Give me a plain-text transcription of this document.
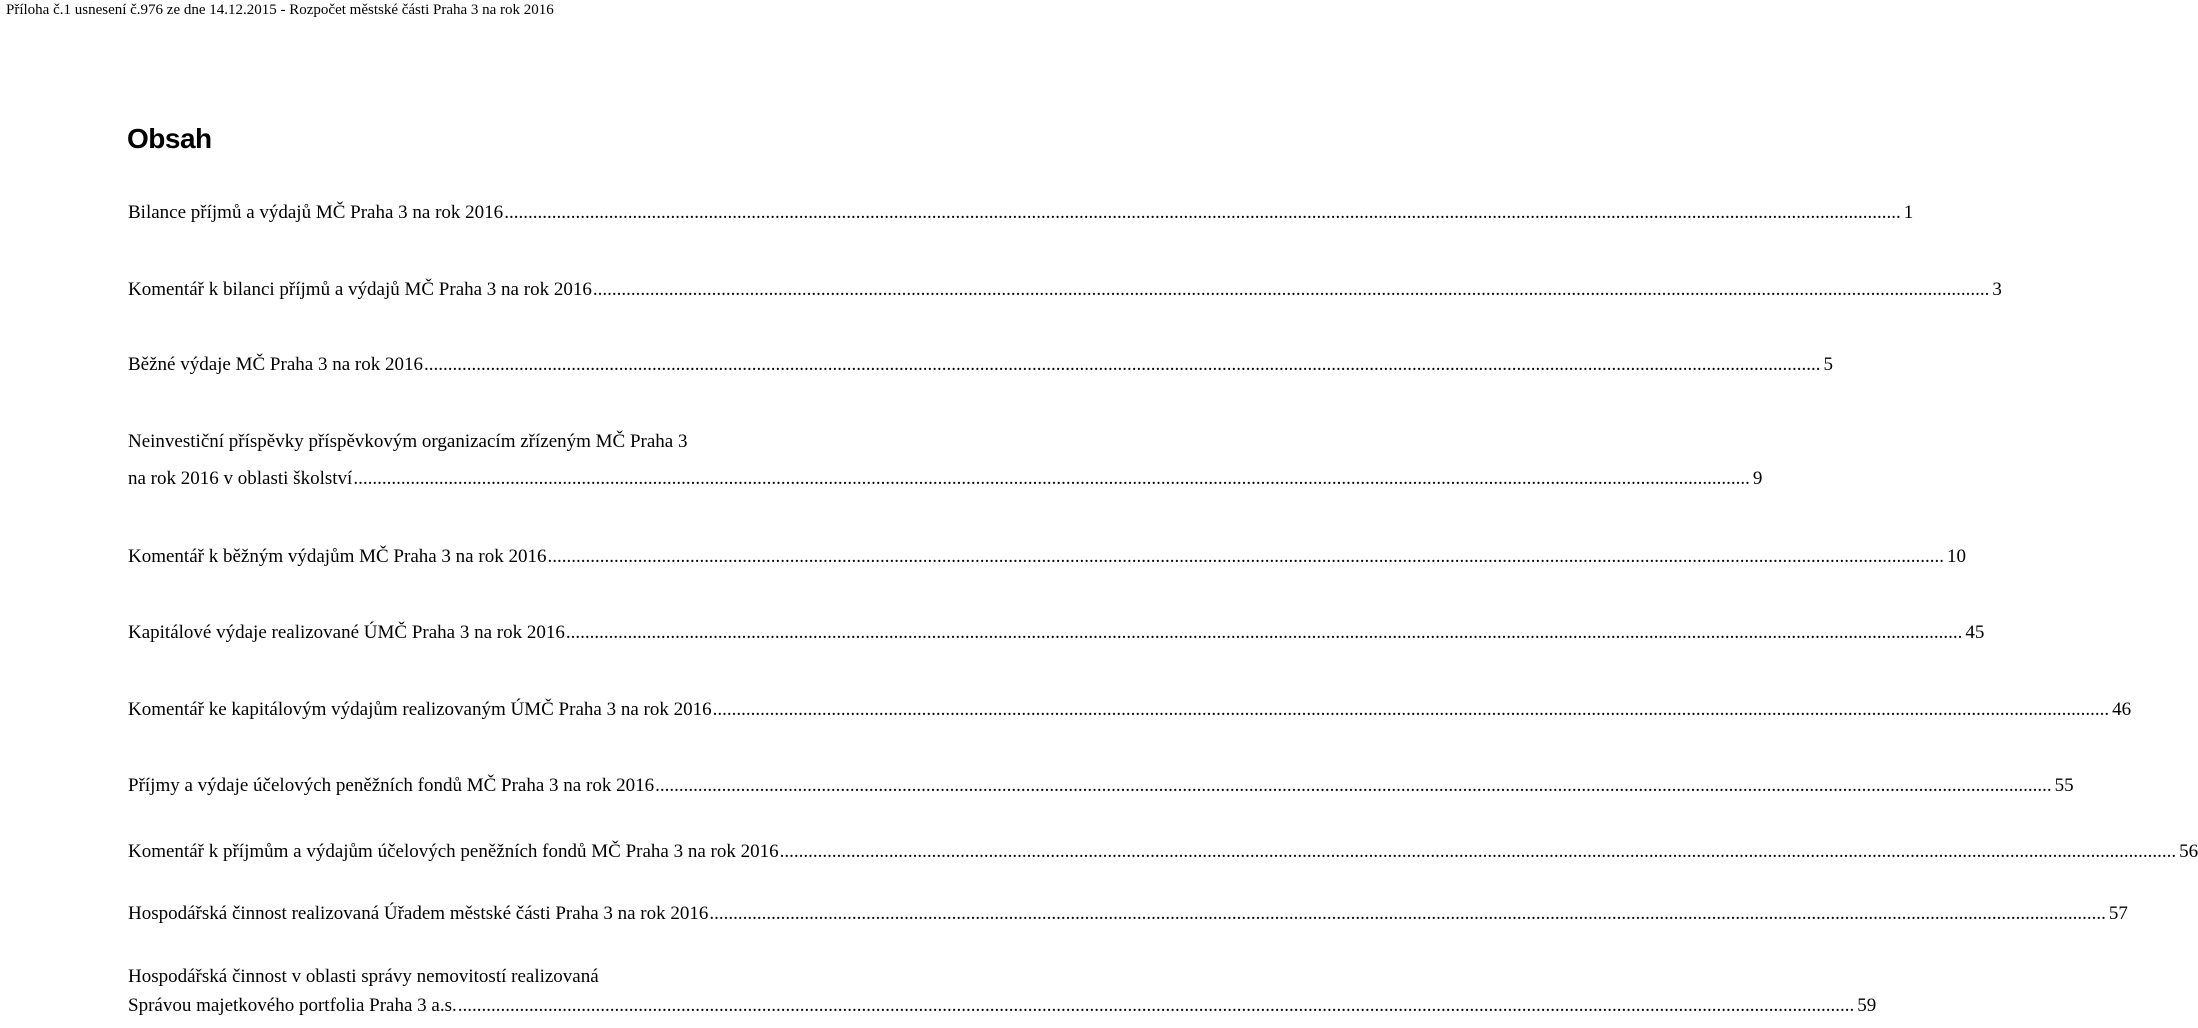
Příloha č.1 usnesení č.976 ze dne 14.12.2015 - Rozpočet městské části Praha 3 na rok 2016
Obsah
Bilance příjmů a výdajů MČ Praha 3 na rok 2016 .....	1
Komentář k bilanci příjmů a výdajů MČ Praha 3 na rok 2016 .....	3
Běžné výdaje MČ Praha 3 na rok 2016 .....	5
Neinvestiční příspěvky příspěvkovým organizacím zřízeným MČ Praha 3
na rok 2016 v oblasti školství .....	9
Komentář k běžným výdajům MČ Praha 3 na rok 2016 .....	10
Kapitálové výdaje realizované ÚMČ Praha 3 na rok 2016 .....	45
Komentář ke kapitálovým výdajům realizovaným ÚMČ Praha 3 na rok 2016 .....	46
Příjmy a výdaje účelových peněžních fondů MČ Praha 3 na rok 2016 .....	55
Komentář k příjmům a výdajům účelových peněžních fondů MČ Praha 3 na rok 2016 .....	56
Hospodářská činnost realizovaná Úřadem městské části Praha 3 na rok 2016 .....	57
Hospodářská činnost v oblasti správy nemovitostí realizovaná
Správou majetkového portfolia Praha 3 a.s. .....	59
